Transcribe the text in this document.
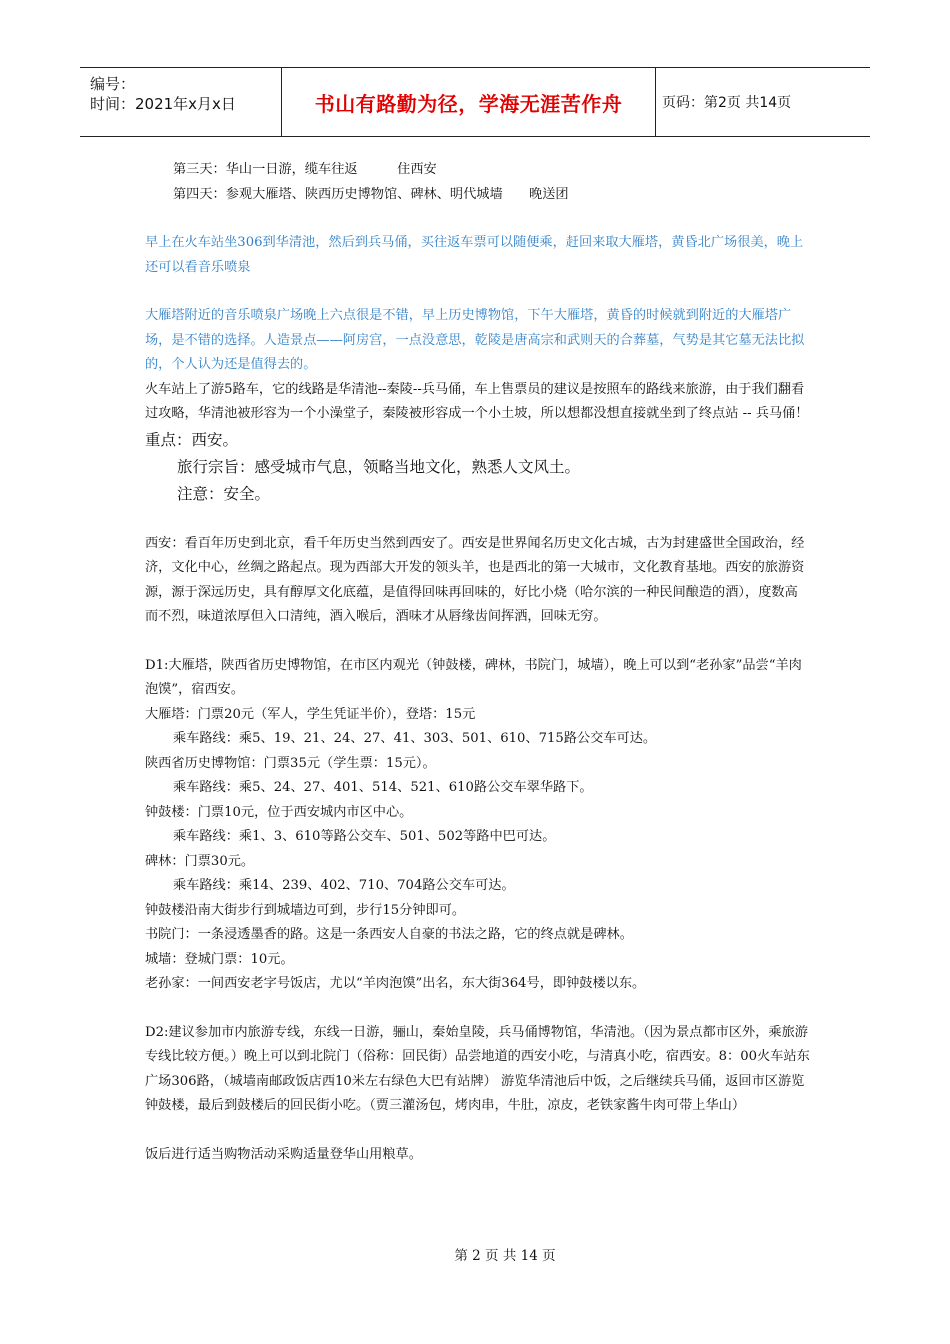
编号：
时间：2021年x月x日	书山有路勤为径，学海无涯苦作舟	页码：第2页 共14页

第三天：华山一日游，缆车往返　　　住西安

第四天：参观大雁塔、陕西历史博物馆、碑林、明代城墙　　晚送团

早上在火车站坐306到华清池，然后到兵马俑，买往返车票可以随便乘，赶回来取大雁塔，黄昏北广场很美，晚上还可以看音乐喷泉

大雁塔附近的音乐喷泉广场晚上六点很是不错，早上历史博物馆，下午大雁塔，黄昏的时候就到附近的大雁塔广场，是不错的选择。人造景点——阿房宫，一点没意思，乾陵是唐高宗和武则天的合葬墓，气势是其它墓无法比拟的，个人认为还是值得去的。

火车站上了游5路车，它的线路是华清池--秦陵--兵马俑，车上售票员的建议是按照车的路线来旅游，由于我们翻看过攻略，华清池被形容为一个小澡堂子，秦陵被形容成一个小土坡，所以想都没想直接就坐到了终点站 -- 兵马俑！

重点：西安。

旅行宗旨：感受城市气息，领略当地文化，熟悉人文风土。

注意：安全。

西安：看百年历史到北京，看千年历史当然到西安了。西安是世界闻名历史文化古城，古为封建盛世全国政治，经济，文化中心，丝绸之路起点。现为西部大开发的领头羊，也是西北的第一大城市，文化教育基地。西安的旅游资源，源于深远历史，具有醇厚文化底蕴，是值得回味再回味的，好比小烧（哈尔滨的一种民间酿造的酒），度数高而不烈，味道浓厚但入口清纯，酒入喉后，酒味才从唇缘齿间挥洒，回味无穷。

D1:大雁塔，陕西省历史博物馆，在市区内观光（钟鼓楼，碑林，书院门，城墙），晚上可以到“老孙家”品尝“羊肉泡馍”，宿西安。

大雁塔：门票20元（军人，学生凭证半价），登塔：15元

乘车路线：乘5、19、21、24、27、41、303、501、610、715路公交车可达。

陕西省历史博物馆：门票35元（学生票：15元）。

乘车路线：乘5、24、27、401、514、521、610路公交车翠华路下。

钟鼓楼：门票10元，位于西安城内市区中心。

乘车路线：乘1、3、610等路公交车、501、502等路中巴可达。

碑林：门票30元。

乘车路线：乘14、239、402、710、704路公交车可达。

钟鼓楼沿南大街步行到城墙边可到，步行15分钟即可。

书院门：一条浸透墨香的路。这是一条西安人自豪的书法之路，它的终点就是碑林。

城墙：登城门票：10元。

老孙家：一间西安老字号饭店，尤以“羊肉泡馍”出名，东大街364号，即钟鼓楼以东。

D2:建议参加市内旅游专线，东线一日游，骊山，秦始皇陵，兵马俑博物馆，华清池。（因为景点都市区外，乘旅游专线比较方便。）晚上可以到北院门（俗称：回民街）品尝地道的西安小吃，与清真小吃，宿西安。8：00火车站东广场306路，（城墙南邮政饭店西10米左右绿色大巴有站牌） 游览华清池后中饭，之后继续兵马俑，返回市区游览钟鼓楼，最后到鼓楼后的回民街小吃。（贾三灌汤包，烤肉串，牛肚，凉皮，老铁家酱牛肉可带上华山）

饭后进行适当购物活动采购适量登华山用粮草。

第 2 页 共 14 页
